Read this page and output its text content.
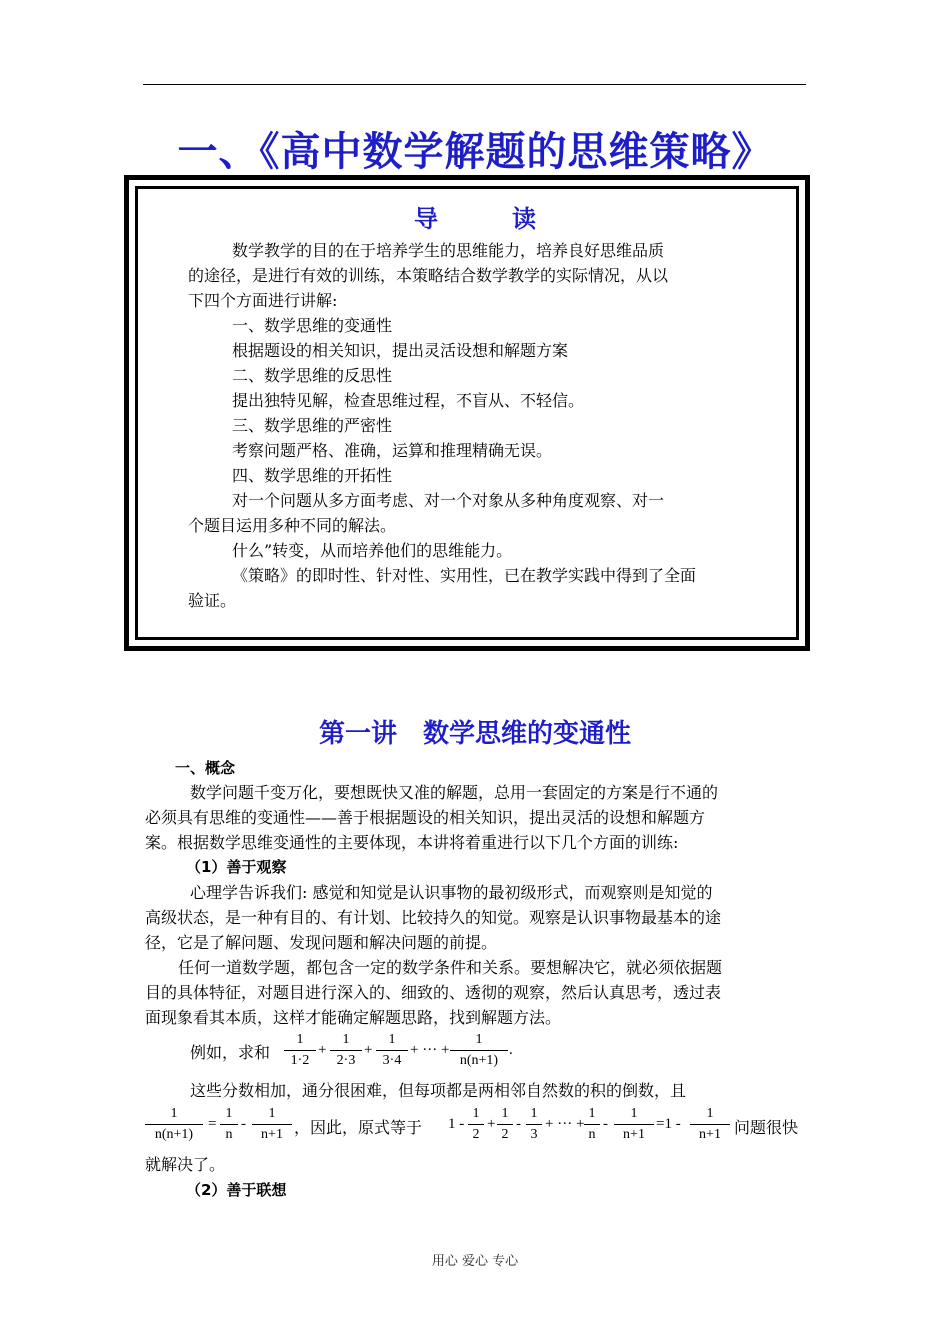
一、《高中数学解题的思维策略》
导	读
数学教学的目的在于培养学生的思维能力，培养良好思维品质
的途径，是进行有效的训练，本策略结合数学教学的实际情况，从以
下四个方面进行讲解:
一、数学思维的变通性
根据题设的相关知识，提出灵活设想和解题方案
二、数学思维的反思性
提出独特见解，检查思维过程，不盲从、不轻信。
三、数学思维的严密性
考察问题严格、准确，运算和推理精确无误。
四、数学思维的开拓性
对一个问题从多方面考虑、对一个对象从多种角度观察、对一
个题目运用多种不同的解法。
什么”转变，从而培养他们的思维能力。
《策略》的即时性、针对性、实用性，已在教学实践中得到了全面
验证。
第一讲　数学思维的变通性
一、概念
数学问题千变万化，要想既快又准的解题，总用一套固定的方案是行不通的
必须具有思维的变通性——善于根据题设的相关知识，提出灵活的设想和解题方
案。根据数学思维变通性的主要体现，本讲将着重进行以下几个方面的训练:
（1）善于观察
心理学告诉我们: 感觉和知觉是认识事物的最初级形式，而观察则是知觉的
高级状态，是一种有目的、有计划、比较持久的知觉。观察是认识事物最基本的途
径，它是了解问题、发现问题和解决问题的前提。
任何一道数学题，都包含一定的数学条件和关系。要想解决它，就必须依据题
目的具体特征，对题目进行深入的、细致的、透彻的观察，然后认真思考，透过表
面现象看其本质，这样才能确定解题思路，找到解题方法。
例如，求和
1
1·2
+
1
2·3
+
1
3·4
+ ··· +
1
n(n+1)
.
这些分数相加，通分很困难，但每项都是两相邻自然数的积的倒数，且
1
n(n+1)
=
1
n
-
1
n+1 ，因此，原式等于 1 -
1
2
+
1
2
-
1
3
+ ··· +
1
n
-
1
n+1
=1 -
1
n+1 问题很快
就解决了。
（2）善于联想
用心 爱心 专心
